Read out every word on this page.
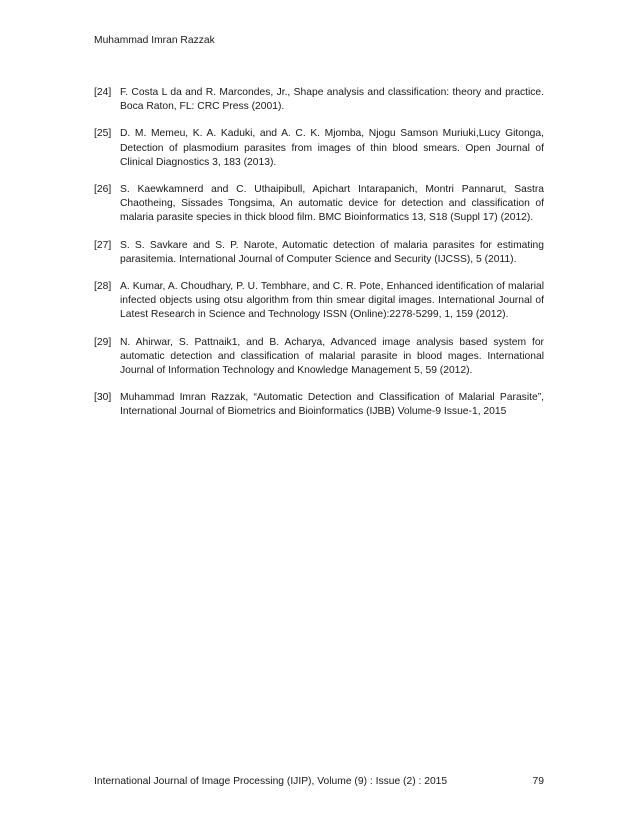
Muhammad Imran Razzak
[24] F. Costa L da and R. Marcondes, Jr., Shape analysis and classification: theory and practice. Boca Raton, FL: CRC Press (2001).
[25] D. M. Memeu, K. A. Kaduki, and A. C. K. Mjomba, Njogu Samson Muriuki,Lucy Gitonga, Detection of plasmodium parasites from images of thin blood smears. Open Journal of Clinical Diagnostics 3, 183 (2013).
[26] S. Kaewkamnerd and C. Uthaipibull, Apichart Intarapanich, Montri Pannarut, Sastra Chaotheing, Sissades Tongsima, An automatic device for detection and classification of malaria parasite species in thick blood film. BMC Bioinformatics 13, S18 (Suppl 17) (2012).
[27] S. S. Savkare and S. P. Narote, Automatic detection of malaria parasites for estimating parasitemia. International Journal of Computer Science and Security (IJCSS), 5 (2011).
[28] A. Kumar, A. Choudhary, P. U. Tembhare, and C. R. Pote, Enhanced identification of malarial infected objects using otsu algorithm from thin smear digital images. International Journal of Latest Research in Science and Technology ISSN (Online):2278-5299, 1, 159 (2012).
[29] N. Ahirwar, S. Pattnaik1, and B. Acharya, Advanced image analysis based system for automatic detection and classification of malarial parasite in blood mages. International Journal of Information Technology and Knowledge Management 5, 59 (2012).
[30] Muhammad Imran Razzak, “Automatic Detection and Classification of Malarial Parasite”, International Journal of Biometrics and Bioinformatics (IJBB) Volume-9 Issue-1, 2015
International Journal of Image Processing (IJIP), Volume (9) : Issue (2) : 2015	79
